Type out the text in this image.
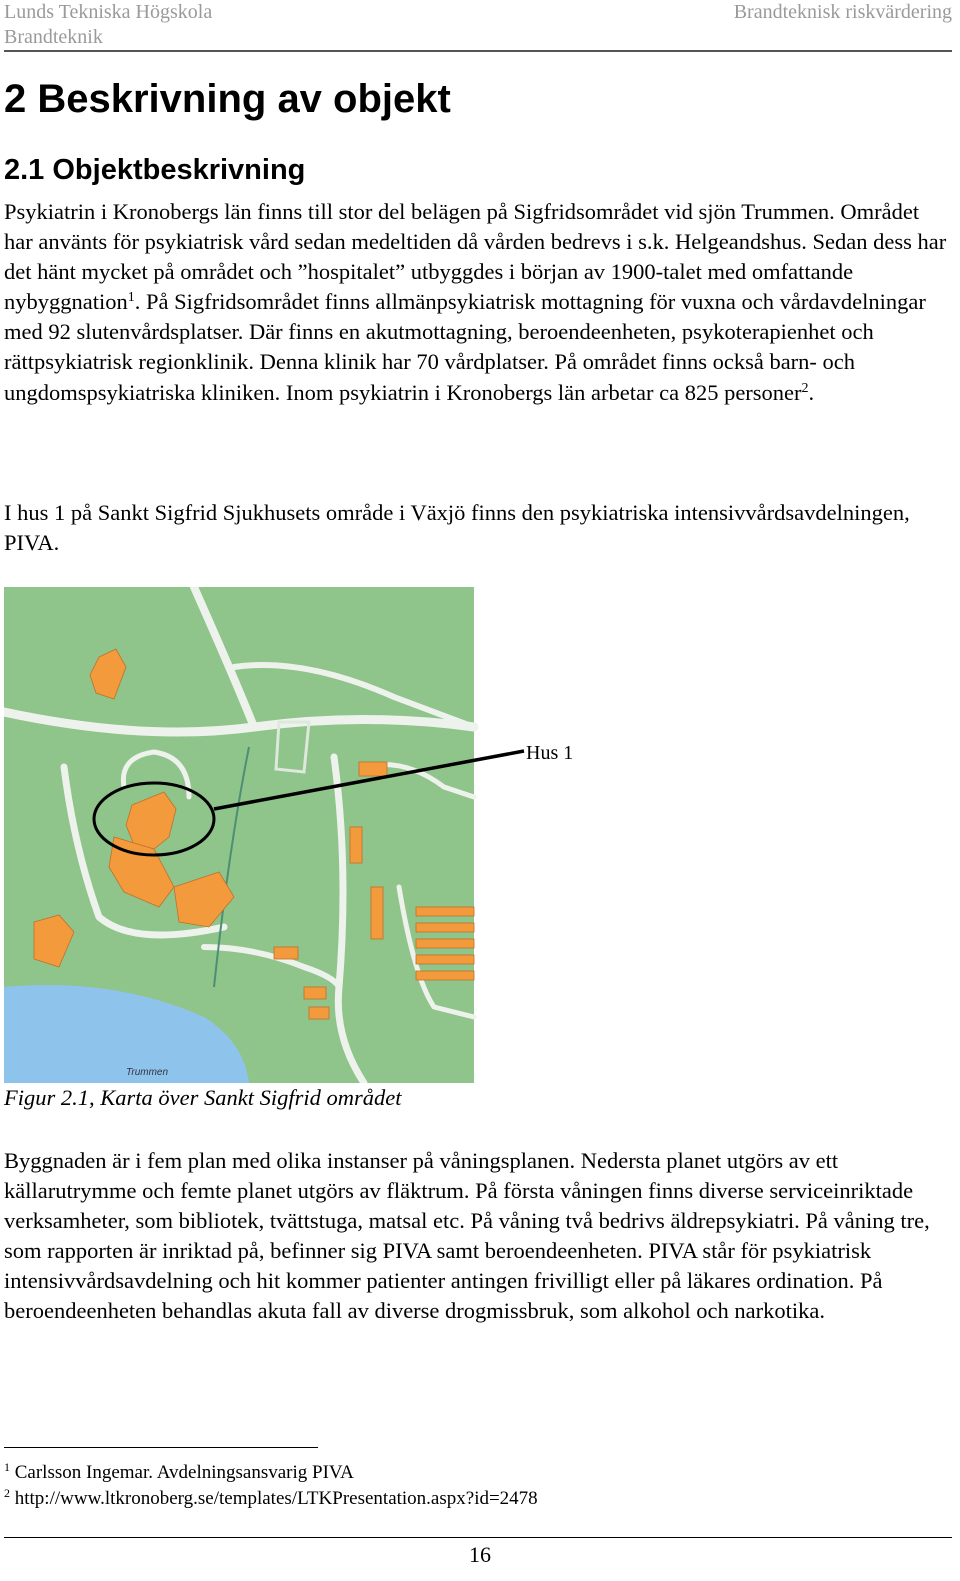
Lunds Tekniska Högskola
Brandteknik
Brandteknisk riskvärdering
2 Beskrivning av objekt
2.1 Objektbeskrivning

Psykiatrin i Kronobergs län finns till stor del belägen på Sigfridsområdet vid sjön Trummen. Området har använts för psykiatrisk vård sedan medeltiden då vården bedrevs i s.k. Helgeandshus. Sedan dess har det hänt mycket på området och ”hospitalet” utbyggdes i början av 1900-talet med omfattande nybyggnation$^1$. På Sigfridsområdet finns allmänpsykiatrisk mottagning för vuxna och vårdavdelningar med 92 slutenvårdsplatser. Där finns en akutmottagning, beroendeenheten, psykoterapienhet och rättpsykiatrisk regionklinik. Denna klinik har 70 vårdplatser. På området finns också barn- och ungdomspsykiatriska kliniken. Inom psykiatrin i Kronobergs län arbetar ca 825 personer$^2$.

I hus 1 på Sankt Sigfrid Sjukhusets område i Växjö finns den psykiatriska intensivvårdsavdelningen, PIVA.

Trummen
Hus 1

Figur 2.1, Karta över Sankt Sigfrid området

Byggnaden är i fem plan med olika instanser på våningsplanen. Nedersta planet utgörs av ett källarutrymme och femte planet utgörs av fläktrum. På första våningen finns diverse serviceinriktade verksamheter, som bibliotek, tvättstuga, matsal etc. På våning två bedrivs äldrepsykiatri. På våning tre, som rapporten är inriktad på, befinner sig PIVA samt beroendeenheten. PIVA står för psykiatrisk intensivvårdsavdelning och hit kommer patienter antingen frivilligt eller på läkares ordination. På beroendeenheten behandlas akuta fall av diverse drogmissbruk, som alkohol och narkotika.

$^1$ Carlsson Ingemar. Avdelningsansvarig PIVA
$^2$ http://www.ltkronoberg.se/templates/LTKPresentation.aspx?id=2478
16
